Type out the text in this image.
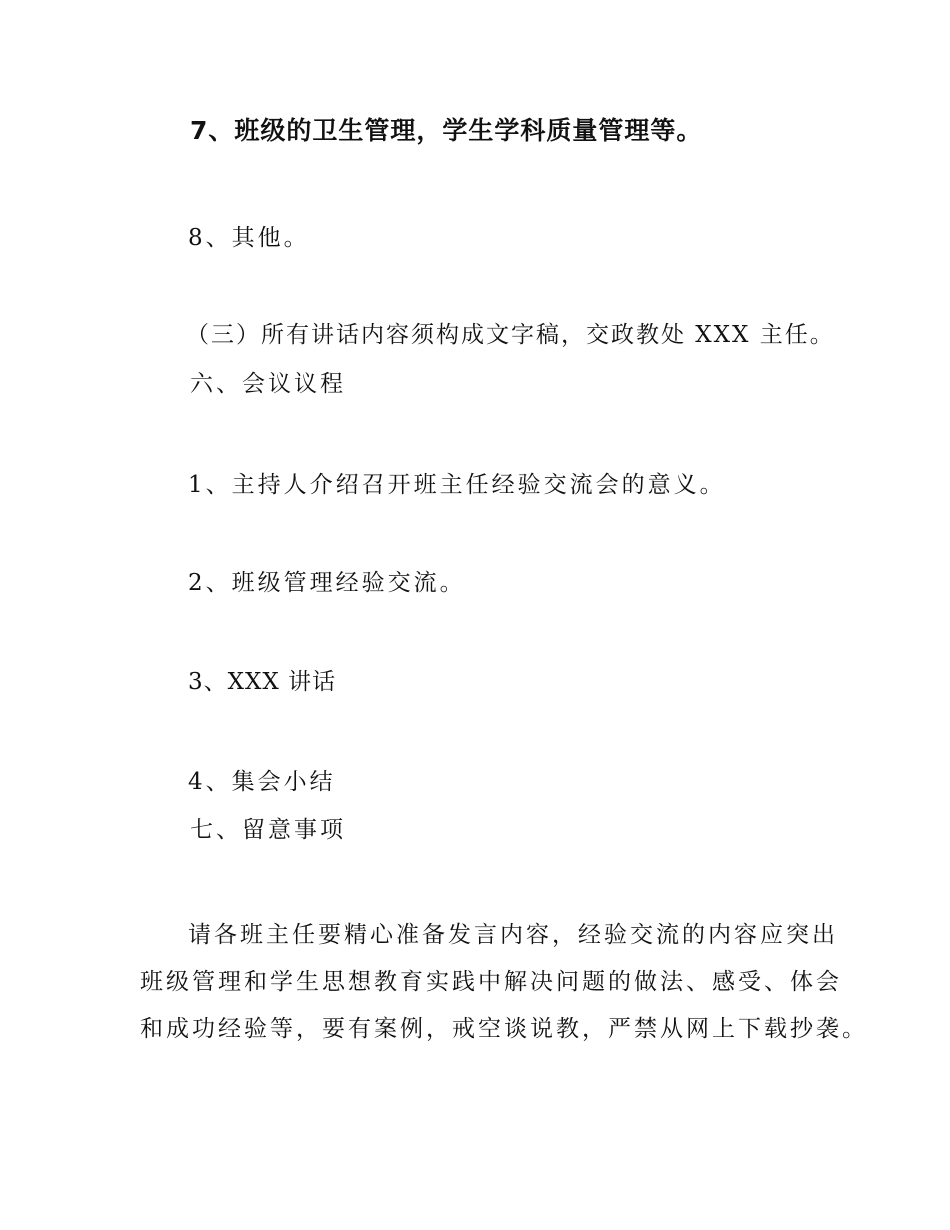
7、班级的卫生管理，学生学科质量管理等。
8、其他。
（三）所有讲话内容须构成文字稿，交政教处 XXX 主任。
六、会议议程
1、主持人介绍召开班主任经验交流会的意义。
2、班级管理经验交流。
3、XXX 讲话
4、集会小结
七、留意事项
请各班主任要精心准备发言内容，经验交流的内容应突出
班级管理和学生思想教育实践中解决问题的做法、感受、体会
和成功经验等，要有案例，戒空谈说教，严禁从网上下载抄袭。
